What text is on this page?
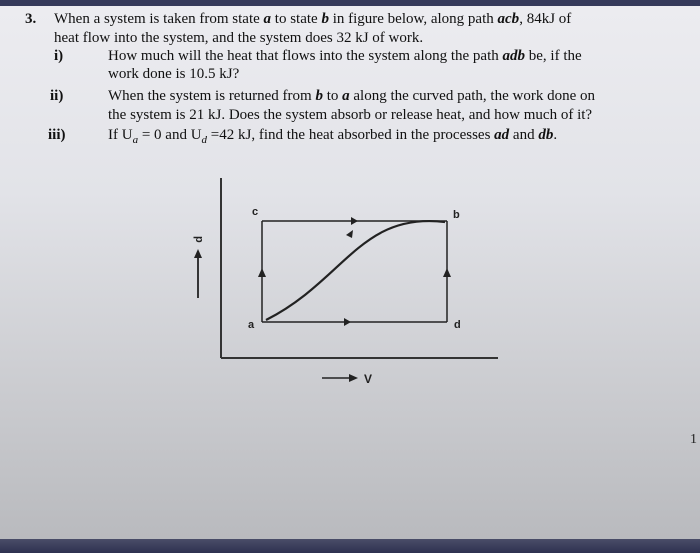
3. When a system is taken from state a to state b in figure below, along path acb, 84kJ of
heat flow into the system, and the system does 32 kJ of work.
i)	How much will the heat that flows into the system along the path adb be, if the
work done is 10.5 kJ?
ii)	When the system is returned from b to a along the curved path, the work done on
the system is 21 kJ. Does the system absorb or release heat, and how much of it?
iii)	If $U_a = 0$ and $U_d =42$ kJ, find the heat absorbed in the processes ad and db.
c	b
a	d
p
V
1
